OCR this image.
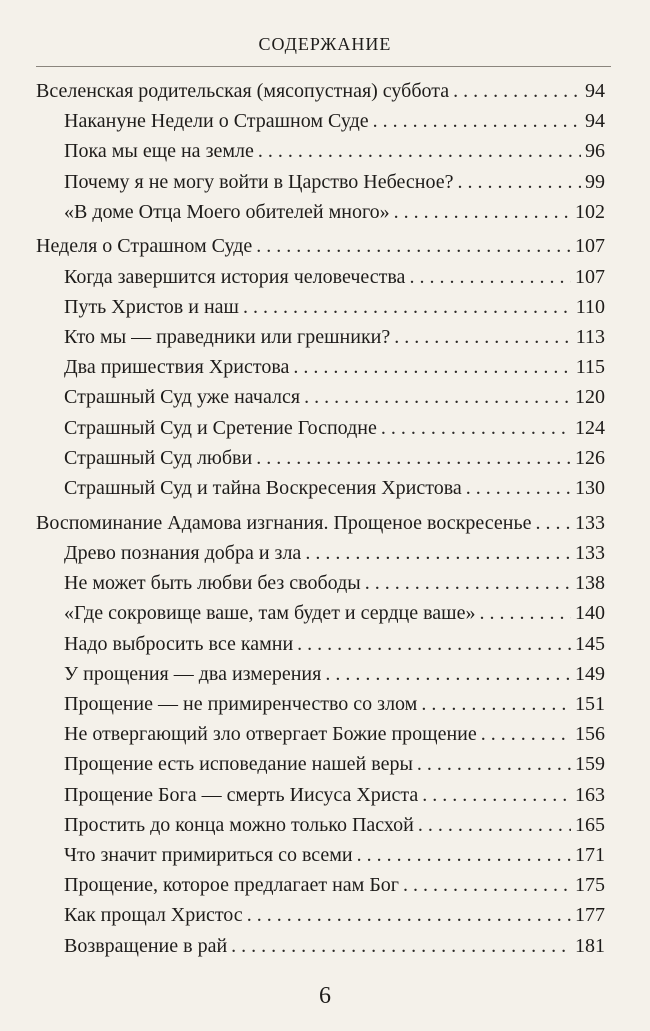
СОДЕРЖАНИЕ
Вселенская родительская (мясопустная) суббота . . .	94
Накануне Недели о Страшном Суде . . .	94
Пока мы еще на земле . . .	96
Почему я не могу войти в Царство Небесное? . . .	99
«В доме Отца Моего обителей много» . . .	102
Неделя о Страшном Суде . . .	107
Когда завершится история человечества . . .	107
Путь Христов и наш . . .	110
Кто мы — праведники или грешники? . . .	113
Два пришествия Христова . . .	115
Страшный Суд уже начался . . .	120
Страшный Суд и Сретение Господне . . .	124
Страшный Суд любви . . .	126
Страшный Суд и тайна Воскресения Христова . . .	130
Воспоминание Адамова изгнания. Прощеное воскресенье . . . 133
Древо познания добра и зла . . .	133
Не может быть любви без свободы . . .	138
«Где сокровище ваше, там будет и сердце ваше» . . .	140
Надо выбросить все камни . . .	145
У прощения — два измерения . . .	149
Прощение — не примиренчество со злом . . .	151
Не отвергающий зло отвергает Божие прощение . . .	156
Прощение есть исповедание нашей веры . . .	159
Прощение Бога — смерть Иисуса Христа . . .	163
Простить до конца можно только Пасхой . . .	165
Что значит примириться со всеми . . .	171
Прощение, которое предлагает нам Бог . . .	175
Как прощал Христос . . .	177
Возвращение в рай . . .	181
6
